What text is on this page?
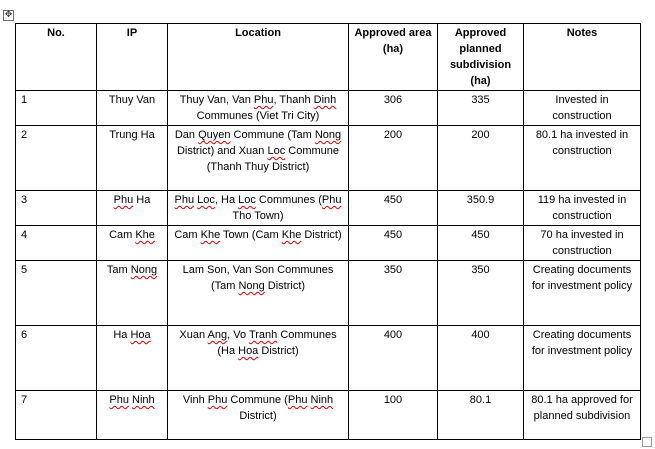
✥
No.	IP	Location	Approved area (ha)	Approved planned subdivision (ha)	Notes
1	Thuy Van	Thuy Van, Van Phu, Thanh Dinh Communes (Viet Tri City)	306	335	Invested in construction
2	Trung Ha	Dan Quyen Commune (Tam Nong District) and Xuan Loc Commune (Thanh Thuy District)	200	200	80.1 ha invested in construction
3	Phu Ha	Phu Loc, Ha Loc Communes (Phu Tho Town)	450	350.9	119 ha invested in construction
4	Cam Khe	Cam Khe Town (Cam Khe District)	450	450	70 ha invested in construction
5	Tam Nong	Lam Son, Van Son Communes (Tam Nong District)	350	350	Creating documents for investment policy
6	Ha Hoa	Xuan Ang, Vo Tranh Communes (Ha Hoa District)	400	400	Creating documents for investment policy
7	Phu Ninh	Vinh Phu Commune (Phu Ninh District)	100	80.1	80.1 ha approved for planned subdivision
